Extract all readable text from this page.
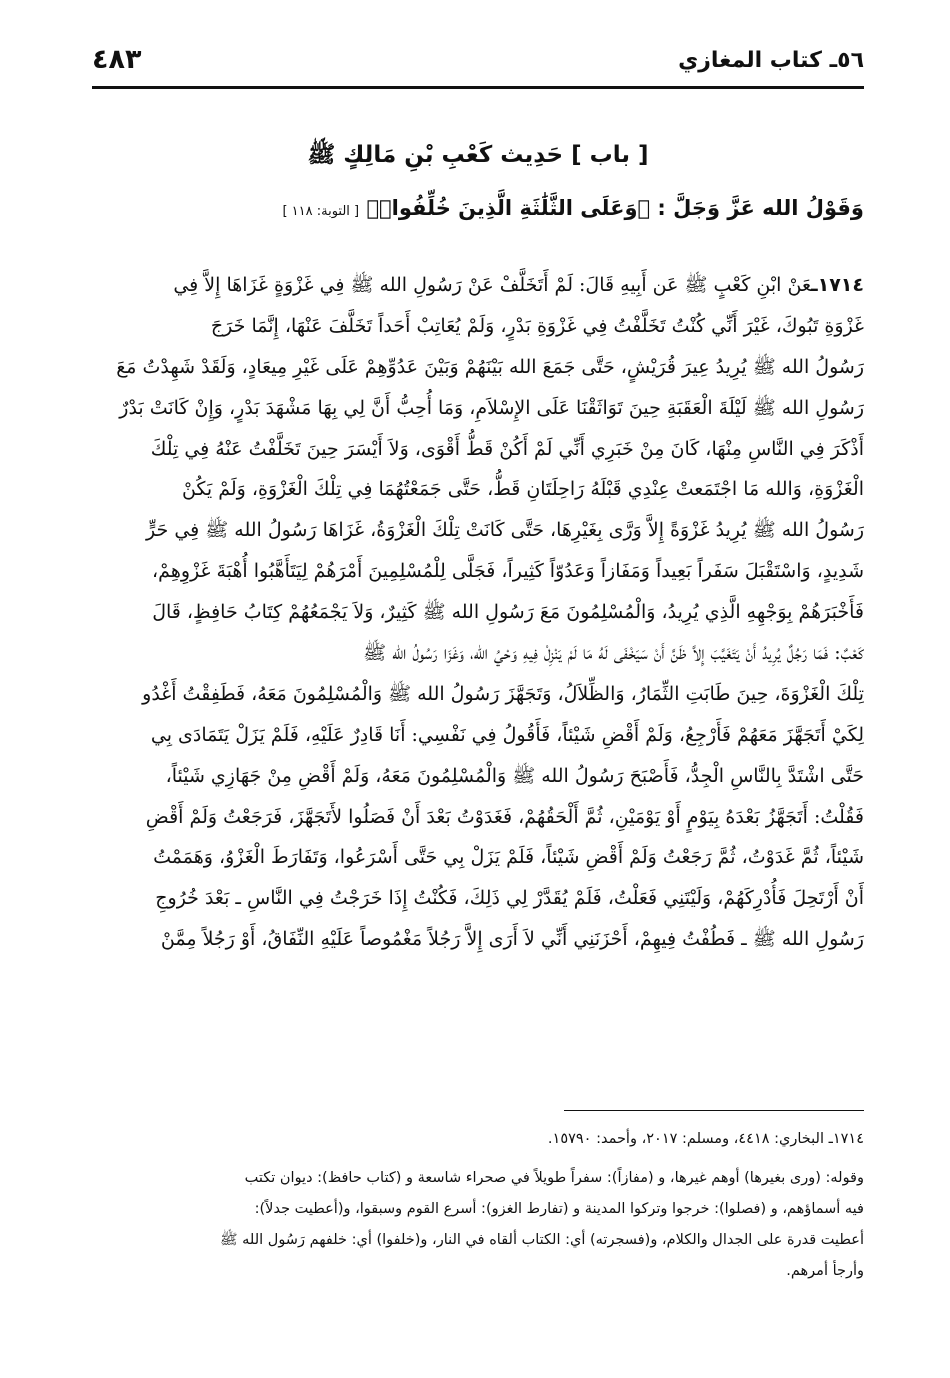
٤٨٣	٥٦ـ كتاب المغازي
[ باب ] حَدِيث كَعْبِ بْنِ مَالِكٍ ﷺ
وَقَوْلُ الله عَزَّ وَجَلَّ : ﴿وَعَلَى الثَّلَٰثَةِ الَّذِينَ خُلِّفُوا۟﴾ [ التوبة: ١١٨ ]
١٧١٤ـعَنْ ابْنِ كَعْبٍ ﷺ عَن أَبِيهِ قَالَ: لَمْ أَتَخَلَّفْ عَنْ رَسُولِ الله ﷺ فِي غَزْوَةٍ غَزَاهَا إِلاَّ فِي
غَزْوَةِ تَبُوكَ، غَيْرَ أَنِّي كُنْتُ تَخَلَّفْتُ فِي غَزْوَةِ بَدْرٍ، وَلَمْ يُعَاتِبْ أَحَداً تَخَلَّفَ عَنْهَا، إِنَّمَا خَرَجَ
رَسُولُ الله ﷺ يُرِيدُ عِيرَ قُرَيْشٍ، حَتَّى جَمَعَ الله بَيْنَهُمْ وَبَيْنَ عَدُوِّهِمْ عَلَى غَيْرِ مِيعَادٍ، وَلَقَدْ شَهِدْتُ مَعَ
رَسُولِ الله ﷺ لَيْلَةَ الْعَقَبَةِ حِينَ تَوَاثَقْنَا عَلَى الإِسْلاَمِ، وَمَا أُحِبُّ أَنَّ لِي بِهَا مَشْهَدَ بَدْرٍ، وَإِنْ كَانَتْ بَدْرٌ
أَذْكَرَ فِي النَّاسِ مِنْهَا، كَانَ مِنْ خَبَرِي أَنِّي لَمْ أَكُنْ قَطُّ أَقْوَى، وَلاَ أَيْسَرَ حِينَ تَخَلَّفْتُ عَنْهُ فِي تِلْكَ
الْغَزْوَةِ، وَالله مَا اجْتَمَعتْ عِنْدِي قَبْلَهُ رَاحِلَتَانِ قَطُّ، حَتَّى جَمَعْتُهُمَا فِي تِلْكَ الْغَزْوَةِ، وَلَمْ يَكُنْ
رَسُولُ الله ﷺ يُرِيدُ غَزْوَةً إِلاَّ وَرَّى بِغَيْرِهَا، حَتَّى كَانَتْ تِلْكَ الْغَزْوَةُ، غَزَاهَا رَسُولُ الله ﷺ فِي حَرٍّ
شَدِيدٍ، وَاسْتَقْبَلَ سَفَراً بَعِيداً وَمَفَازاً وَعَدُوّاً كَثِيراً، فَجَلَّى لِلْمُسْلِمِينَ أَمْرَهُمْ لِيَتَأَهَّبُوا أُهْبَةَ غَزْوِهِمْ،
فَأَخْبَرَهُمْ بِوَجْهِهِ الَّذِي يُرِيدُ، وَالْمُسْلِمُونَ مَعَ رَسُولِ الله ﷺ كَثِيرٌ، وَلاَ يَجْمَعُهُمْ كِتَابُ حَافِظٍ، قَالَ
كَعْبٌ: فَمَا رَجُلٌ يُرِيدُ أَنْ يَتَغَيَّبَ إِلاَّ ظَنَّ أَنْ سَيَخْفَى لَهُ مَا لَمْ يَنْزِلْ فِيهِ وَحْيُ الله، وَغَزَا رَسُولُ الله ﷺ
تِلْكَ الْغَزْوَةَ، حِينَ طَابَتِ الثِّمَارُ، وَالظِّلاَلُ، وَتَجَهَّزَ رَسُولُ الله ﷺ وَالْمُسْلِمُونَ مَعَهُ، فَطَفِقْتُ أَغْدُو
لِكَيْ أَتَجَهَّزَ مَعَهُمْ فَأَرْجِعُ، وَلَمْ أَقْضِ شَيْئاً، فَأَقُولُ فِي نَفْسِي: أَنَا قَادِرٌ عَلَيْهِ، فَلَمْ يَزَلْ يَتَمَادَى بِي
حَتَّى اشْتَدَّ بِالنَّاسِ الْجِدُّ، فَأَصْبَحَ رَسُولُ الله ﷺ وَالْمُسْلِمُونَ مَعَهُ، وَلَمْ أَقْضِ مِنْ جَهَازِي شَيْئاً،
فَقُلْتُ: أَتَجَهَّزُ بَعْدَهُ بِيَوْمٍ أَوْ يَوْمَيْنِ، ثُمَّ أَلْحَقُهُمْ، فَغَدَوْتُ بَعْدَ أَنْ فَصَلُوا لأَتَجَهَّزَ، فَرَجَعْتُ وَلَمْ أَقْضِ
شَيْئاً، ثُمَّ غَدَوْتُ، ثُمَّ رَجَعْتُ وَلَمْ أَقْضِ شَيْئاً، فَلَمْ يَزَلْ بِي حَتَّى أَسْرَعُوا، وَتَفَارَطَ الْغَزْوُ، وَهَمَمْتُ
أَنْ أَرْتَحِلَ فَأُدْرِكَهُمْ، وَلَيْتَنِي فَعَلْتُ، فَلَمْ يُقَدَّرْ لِي ذَلِكَ، فَكُنْتُ إِذَا خَرَجْتُ فِي النَّاسِ ـ بَعْدَ خُرُوجِ
رَسُولِ الله ﷺ ـ فَطُفْتُ فِيهِمْ، أَحْزَنَنِي أَنِّي لاَ أَرَى إِلاَّ رَجُلاً مَغْمُوصاً عَلَيْهِ النِّفَاقُ، أَوْ رَجُلاً مِمَّنْ
١٧١٤ـ البخاري: ٤٤١٨، ومسلم: ٢٠١٧، وأحمد: ١٥٧٩٠.
وقوله: (ورى بغيرها) أوهم غيرها، و (مفازاً): سفراً طويلاً في صحراء شاسعة و (كتاب حافظ): ديوان تكتب
فيه أسماؤهم، و (فصلوا): خرجوا وتركوا المدينة و (تفارط الغزو): أسرع القوم وسبقوا، و(أعطيت جدلاً):
أعطيت قدرة على الجدال والكلام، و(فسجرته) أي: الكتاب ألقاه في النار، و(خلفوا) أي: خلفهم رَسُول الله ﷺ
وأرجأ أمرهم.
